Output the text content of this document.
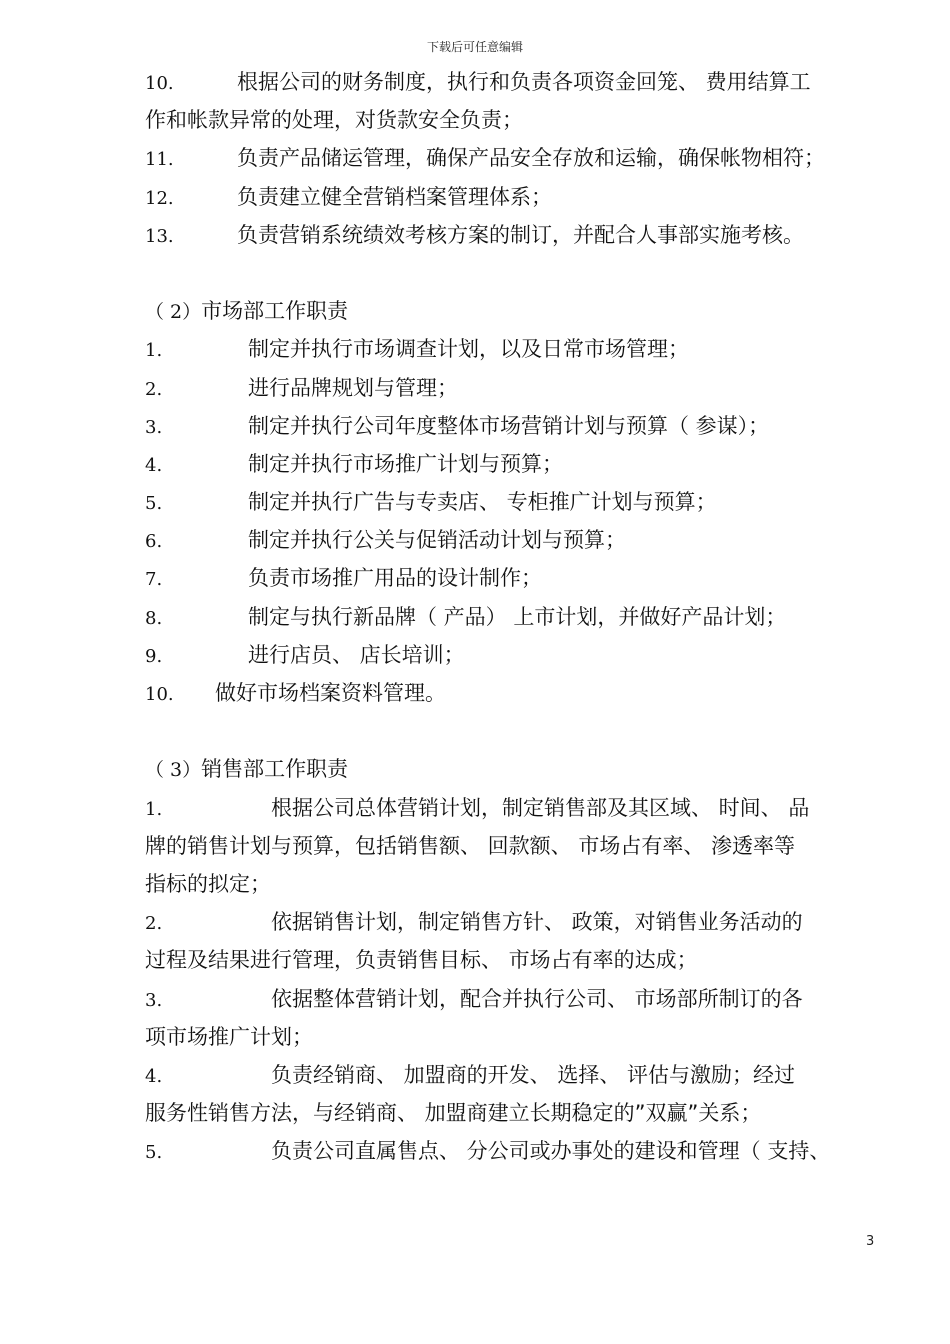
下载后可任意编辑
10.	根据公司的财务制度，执行和负责各项资金回笼、 费用结算工
作和帐款异常的处理，对货款安全负责；
11.	负责产品储运管理，确保产品安全存放和运输，确保帐物相符；
12.	负责建立健全营销档案管理体系；
13.	负责营销系统绩效考核方案的制订，并配合人事部实施考核。
（ 2）市场部工作职责
1.	制定并执行市场调查计划，以及日常市场管理；
2.	进行品牌规划与管理；
3.	制定并执行公司年度整体市场营销计划与预算（ 参谋）；
4.	制定并执行市场推广计划与预算；
5.	制定并执行广告与专卖店、 专柜推广计划与预算；
6.	制定并执行公关与促销活动计划与预算；
7.	负责市场推广用品的设计制作；
8.	制定与执行新品牌（ 产品） 上市计划，并做好产品计划；
9.	进行店员、 店长培训；
10. 做好市场档案资料管理。
（ 3）销售部工作职责
1.	根据公司总体营销计划，制定销售部及其区域、 时间、 品
牌的销售计划与预算，包括销售额、 回款额、 市场占有率、 渗透率等
指标的拟定；
2.	依据销售计划，制定销售方针、 政策，对销售业务活动的
过程及结果进行管理，负责销售目标、 市场占有率的达成；
3.	依据整体营销计划，配合并执行公司、 市场部所制订的各
项市场推广计划；
4.	负责经销商、 加盟商的开发、 选择、 评估与激励；经过
服务性销售方法，与经销商、 加盟商建立长期稳定的”双赢”关系；
5.	负责公司直属售点、 分公司或办事处的建设和管理（ 支持、
3
